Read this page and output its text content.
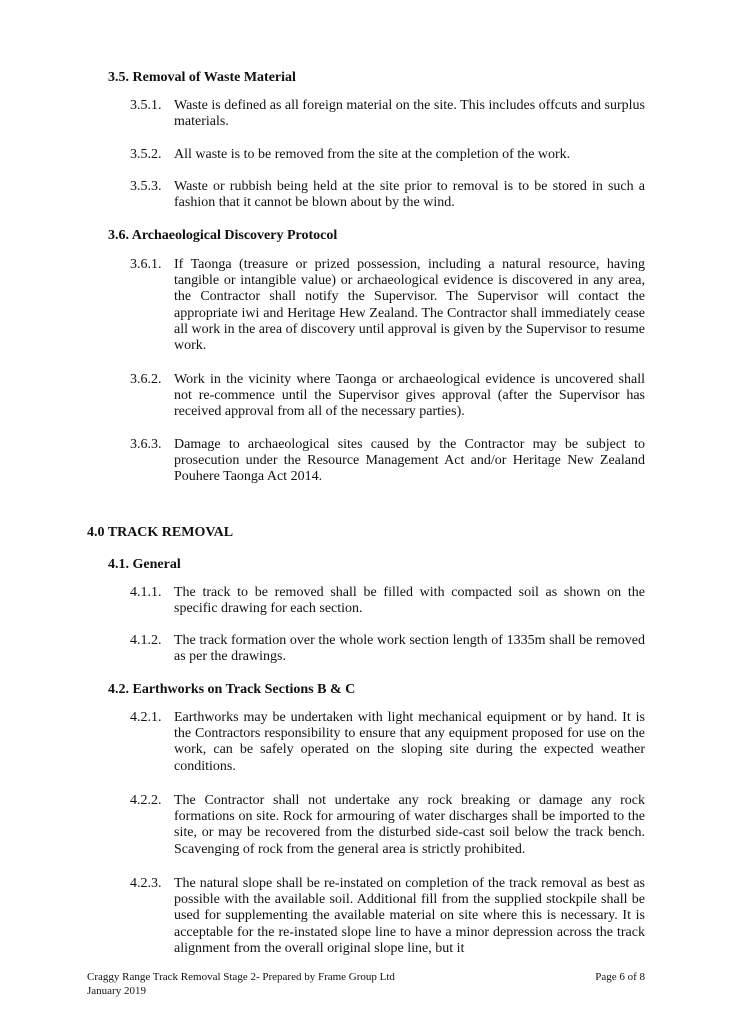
3.5. Removal of Waste Material
3.5.1. Waste is defined as all foreign material on the site. This includes offcuts and surplus materials.
3.5.2. All waste is to be removed from the site at the completion of the work.
3.5.3. Waste or rubbish being held at the site prior to removal is to be stored in such a fashion that it cannot be blown about by the wind.
3.6. Archaeological Discovery Protocol
3.6.1. If Taonga (treasure or prized possession, including a natural resource, having tangible or intangible value) or archaeological evidence is discovered in any area, the Contractor shall notify the Supervisor. The Supervisor will contact the appropriate iwi and Heritage Hew Zealand. The Contractor shall immediately cease all work in the area of discovery until approval is given by the Supervisor to resume work.
3.6.2. Work in the vicinity where Taonga or archaeological evidence is uncovered shall not re-commence until the Supervisor gives approval (after the Supervisor has received approval from all of the necessary parties).
3.6.3. Damage to archaeological sites caused by the Contractor may be subject to prosecution under the Resource Management Act and/or Heritage New Zealand Pouhere Taonga Act 2014.
4.0 TRACK REMOVAL
4.1. General
4.1.1. The track to be removed shall be filled with compacted soil as shown on the specific drawing for each section.
4.1.2. The track formation over the whole work section length of 1335m shall be removed as per the drawings.
4.2. Earthworks on Track Sections B & C
4.2.1. Earthworks may be undertaken with light mechanical equipment or by hand. It is the Contractors responsibility to ensure that any equipment proposed for use on the work, can be safely operated on the sloping site during the expected weather conditions.
4.2.2. The Contractor shall not undertake any rock breaking or damage any rock formations on site. Rock for armouring of water discharges shall be imported to the site, or may be recovered from the disturbed side-cast soil below the track bench. Scavenging of rock from the general area is strictly prohibited.
4.2.3. The natural slope shall be re-instated on completion of the track removal as best as possible with the available soil. Additional fill from the supplied stockpile shall be used for supplementing the available material on site where this is necessary. It is acceptable for the re-instated slope line to have a minor depression across the track alignment from the overall original slope line, but it
Craggy Range Track Removal Stage 2- Prepared by Frame Group Ltd
January 2019
Page 6 of 8
